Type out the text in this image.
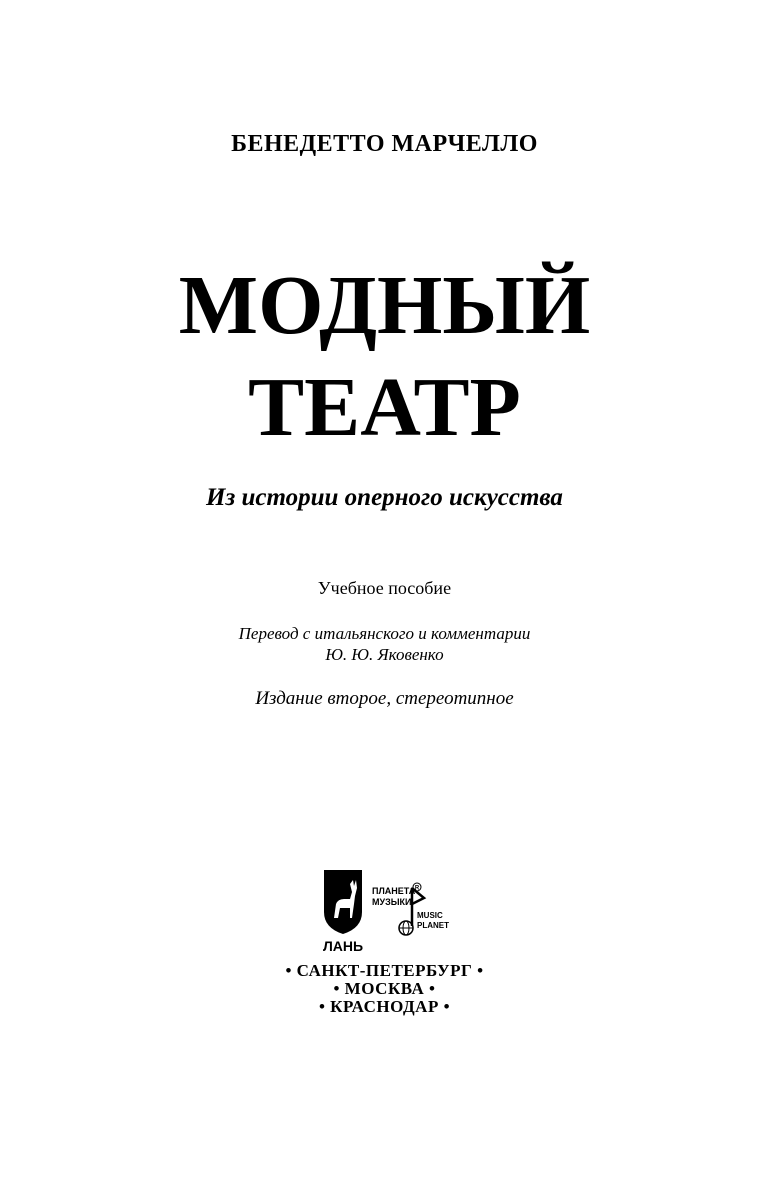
БЕНЕДЕТТО МАРЧЕЛЛО
МОДНЫЙ
ТЕАТР
Из истории оперного искусства
Учебное пособие
Перевод с итальянского и комментарии
Ю. Ю. Яковенко
Издание второе, стереотипное
ЛАНЬ
ПЛАНЕТА
МУЗЫКИ
R
MUSIC
PLANET
• САНКТ-ПЕТЕРБУРГ •
• МОСКВА •
• КРАСНОДАР •
